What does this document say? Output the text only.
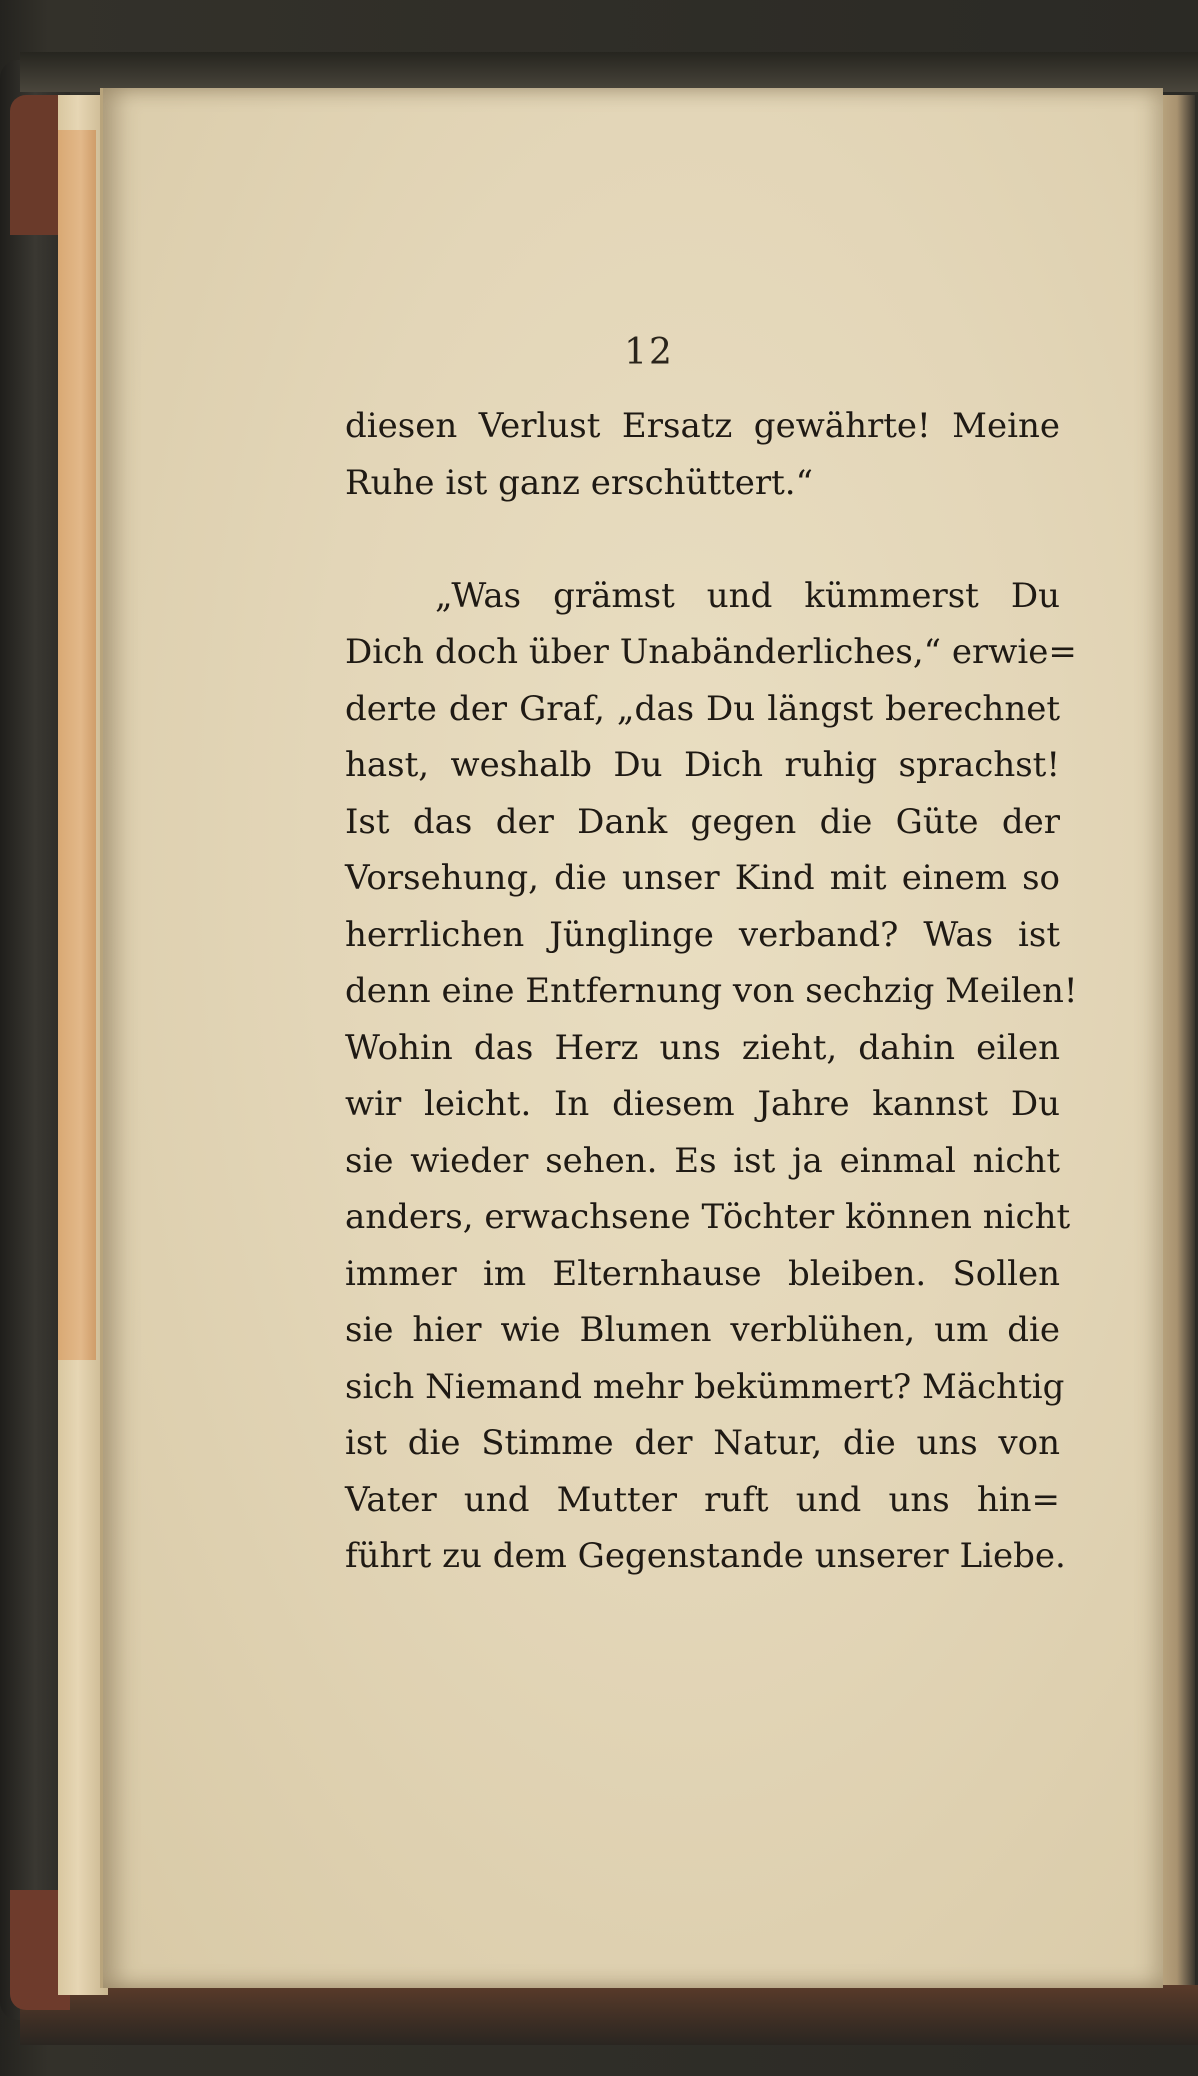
12
diesen Verlust Ersatz gewährte! Meine
Ruhe ist ganz erschüttert.“
„Was grämst und kümmerst Du
Dich doch über Unabänderliches,“ erwie=
derte der Graf, „das Du längst berechnet
hast, weshalb Du Dich ruhig sprachst!
Ist das der Dank gegen die Güte der
Vorsehung, die unser Kind mit einem so
herrlichen Jünglinge verband? Was ist
denn eine Entfernung von sechzig Meilen!
Wohin das Herz uns zieht, dahin eilen
wir leicht. In diesem Jahre kannst Du
sie wieder sehen. Es ist ja einmal nicht
anders, erwachsene Töchter können nicht
immer im Elternhause bleiben. Sollen
sie hier wie Blumen verblühen, um die
sich Niemand mehr bekümmert? Mächtig
ist die Stimme der Natur, die uns von
Vater und Mutter ruft und uns hin=
führt zu dem Gegenstande unserer Liebe.
